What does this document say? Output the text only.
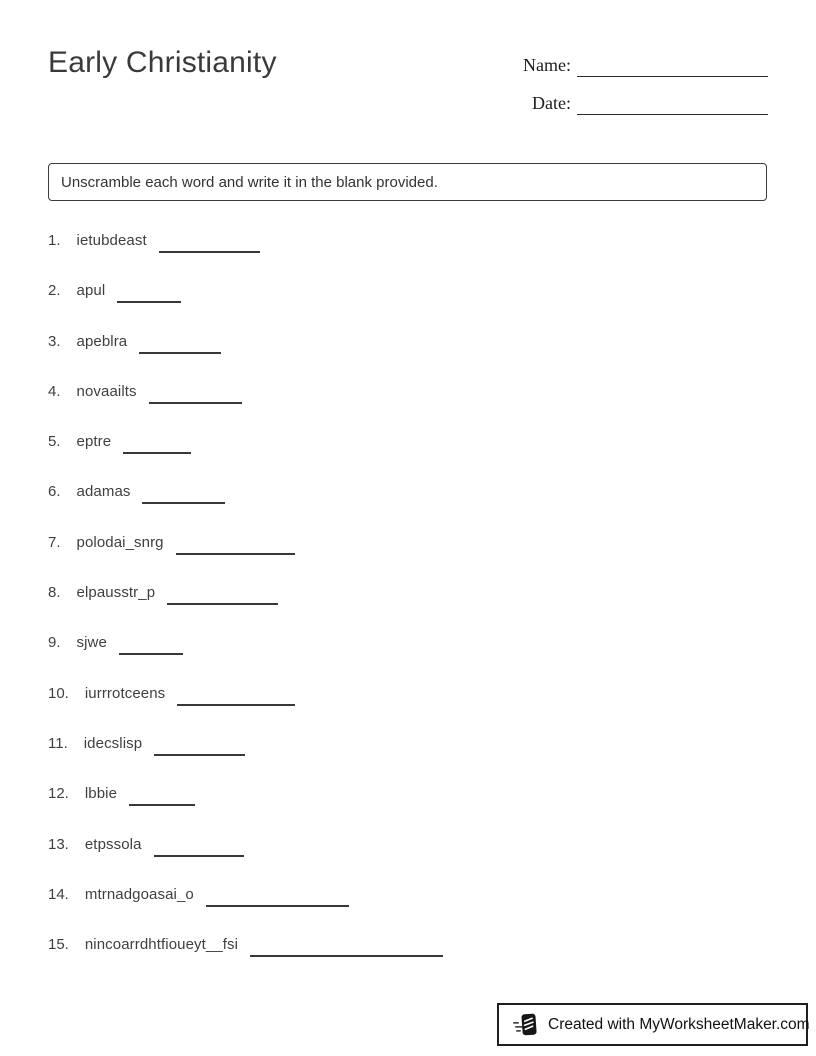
Early Christianity	Name:
Date:
Unscramble each word and write it in the blank provided.
1. ietubdeast
2. apul
3. apeblra
4. novaailts
5. eptre
6. adamas
7. polodai_snrg
8. elpausstr_p
9. sjwe
10. iurrrotceens
11. idecslisp
12. lbbie
13. etpssola
14. mtrnadgoasai_o
15. nincoarrdhtfioueyt__fsi
Created with MyWorksheetMaker.com
